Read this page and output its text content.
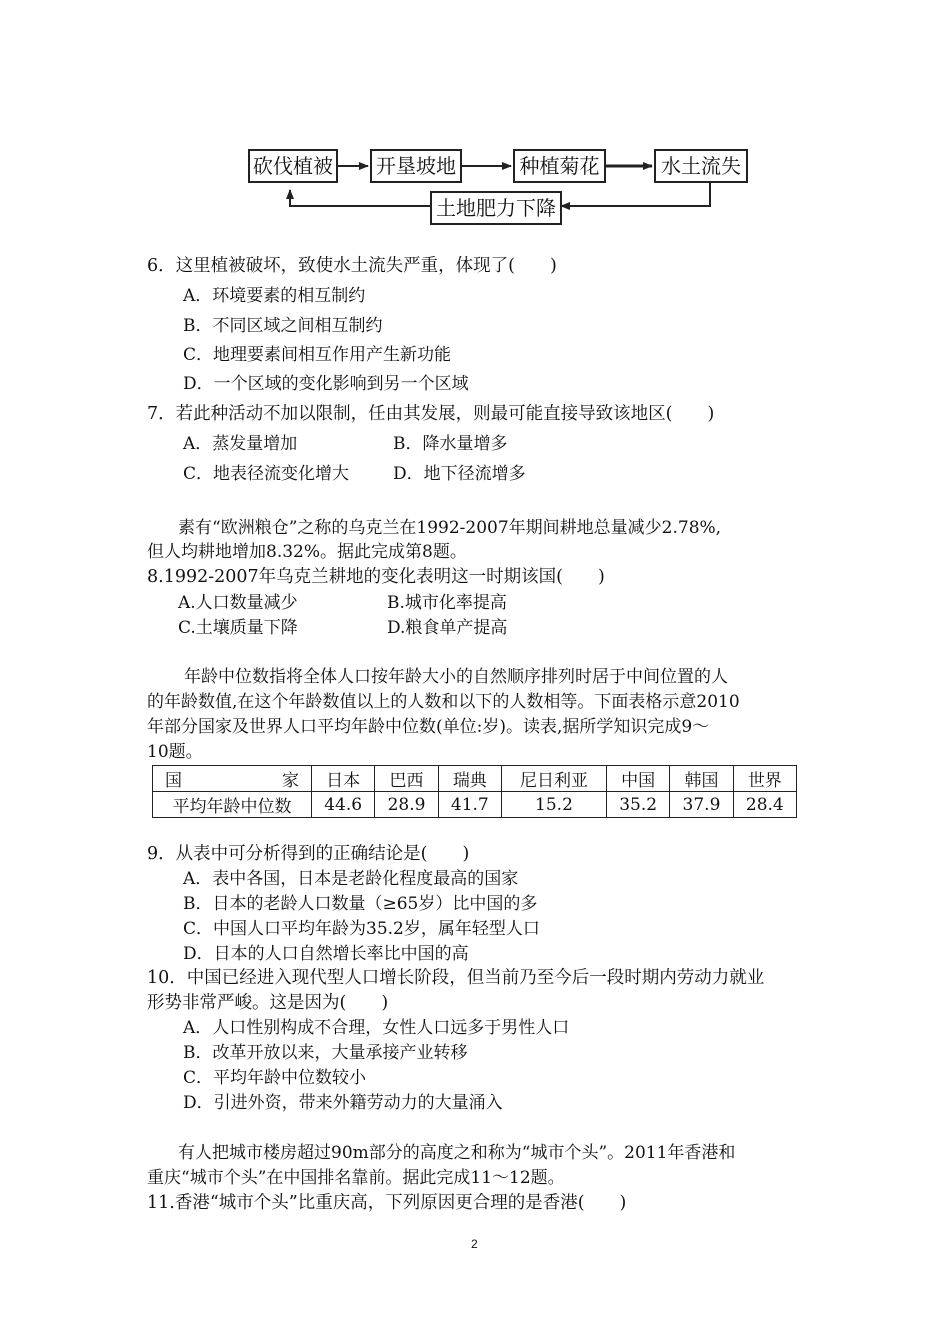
砍伐植被	开垦坡地	种植菊花	水土流失
土地肥力下降
6．这里植被破坏，致使水土流失严重，体现了(　　)
A．环境要素的相互制约
B．不同区域之间相互制约
C．地理要素间相互作用产生新功能
D．一个区域的变化影响到另一个区域
7．若此种活动不加以限制，任由其发展，则最可能直接导致该地区(　　)
A．蒸发量增加	B．降水量增多
C．地表径流变化增大	D．地下径流增多
素有“欧洲粮仓”之称的乌克兰在1992-2007年期间耕地总量减少2.78%,
但人均耕地增加8.32%。据此完成第8题。
8.1992-2007年乌克兰耕地的变化表明这一时期该国(　　)
A.人口数量减少	B.城市化率提高
C.土壤质量下降	D.粮食单产提高
年龄中位数指将全体人口按年龄大小的自然顺序排列时居于中间位置的人
的年龄数值,在这个年龄数值以上的人数和以下的人数相等。下面表格示意2010
年部分国家及世界人口平均年龄中位数(单位:岁)。读表,据所学知识完成9～
10题。
国 家	日本	巴西	瑞典	尼日利亚	中国	韩国	世界
平均年龄中位数	44.6	28.9	41.7	15.2	35.2	37.9	28.4
9．从表中可分析得到的正确结论是(　　)
A．表中各国，日本是老龄化程度最高的国家
B．日本的老龄人口数量（≥65岁）比中国的多
C．中国人口平均年龄为35.2岁，属年轻型人口
D．日本的人口自然增长率比中国的高
10．中国已经进入现代型人口增长阶段，但当前乃至今后一段时期内劳动力就业
形势非常严峻。这是因为(　　)
A．人口性别构成不合理，女性人口远多于男性人口
B．改革开放以来，大量承接产业转移
C．平均年龄中位数较小
D．引进外资，带来外籍劳动力的大量涌入
有人把城市楼房超过90m部分的高度之和称为“城市个头”。2011年香港和
重庆“城市个头”在中国排名靠前。据此完成11～12题。
11.香港“城市个头”比重庆高，下列原因更合理的是香港(　　)
2
